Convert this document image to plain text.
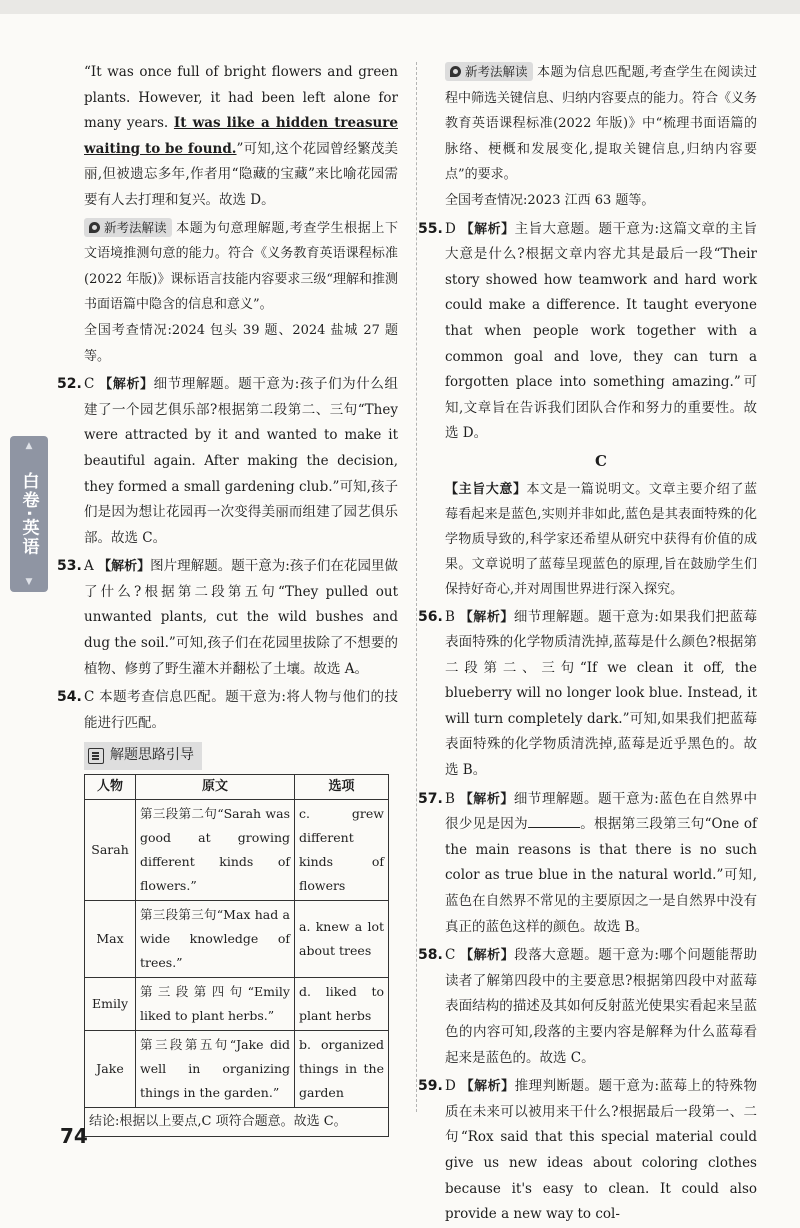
▲
白卷·英语
▼

“It was once full of bright flowers and green plants. However, it had been left alone for many years. It was like a hidden treasure waiting to be found.”可知,这个花园曾经繁茂美丽,但被遗忘多年,作者用“隐藏的宝藏”来比喻花园需要有人去打理和复兴。故选 D。

新考法解读 本题为句意理解题,考查学生根据上下文语境推测句意的能力。符合《义务教育英语课程标准(2022 年版)》课标语言技能内容要求三级“理解和推测书面语篇中隐含的信息和意义”。

全国考查情况:2024 包头 39 题、2024 盐城 27 题等。

52. C 【解析】细节理解题。题干意为:孩子们为什么组建了一个园艺俱乐部?根据第二段第二、三句“They were attracted by it and wanted to make it beautiful again. After making the decision, they formed a small gardening club.”可知,孩子们是因为想让花园再一次变得美丽而组建了园艺俱乐部。故选 C。
53. A 【解析】图片理解题。题干意为:孩子们在花园里做了什么?根据第二段第五句“They pulled out unwanted plants, cut the wild bushes and dug the soil.”可知,孩子们在花园里拔除了不想要的植物、修剪了野生灌木并翻松了土壤。故选 A。
54. C 本题考查信息匹配。题干意为:将人物与他们的技能进行匹配。
解题思路引导
人物	原文	选项
Sarah	第三段第二句“Sarah was good at growing different kinds of flowers.”	c. grew different kinds of flowers
Max	第三段第三句“Max had a wide knowledge of trees.”	a. knew a lot about trees
Emily	第三段第四句“Emily liked to plant herbs.”	d. liked to plant herbs
Jake	第三段第五句“Jake did well in organizing things in the garden.”	b. organized things in the garden
结论:根据以上要点,C 项符合题意。故选 C。		

新考法解读 本题为信息匹配题,考查学生在阅读过程中筛选关键信息、归纳内容要点的能力。符合《义务教育英语课程标准(2022 年版)》中“梳理书面语篇的脉络、梗概和发展变化,提取关键信息,归纳内容要点”的要求。

全国考查情况:2023 江西 63 题等。

55. D 【解析】主旨大意题。题干意为:这篇文章的主旨大意是什么?根据文章内容尤其是最后一段“Their story showed how teamwork and hard work could make a difference. It taught everyone that when people work together with a common goal and love, they can turn a forgotten place into something amazing.”可知,文章旨在告诉我们团队合作和努力的重要性。故选 D。
C

【主旨大意】本文是一篇说明文。文章主要介绍了蓝莓看起来是蓝色,实则并非如此,蓝色是其表面特殊的化学物质导致的,科学家还希望从研究中获得有价值的成果。文章说明了蓝莓呈现蓝色的原理,旨在鼓励学生们保持好奇心,并对周围世界进行深入探究。

56. B 【解析】细节理解题。题干意为:如果我们把蓝莓表面特殊的化学物质清洗掉,蓝莓是什么颜色?根据第二段第二、三句“If we clean it off, the blueberry will no longer look blue. Instead, it will turn completely dark.”可知,如果我们把蓝莓表面特殊的化学物质清洗掉,蓝莓是近乎黑色的。故选 B。
57. B 【解析】细节理解题。题干意为:蓝色在自然界中很少见是因为	。根据第三段第三句“One of the main reasons is that there is no such color as true blue in the natural world.”可知,蓝色在自然界不常见的主要原因之一是自然界中没有真正的蓝色这样的颜色。故选 B。
58. C 【解析】段落大意题。题干意为:哪个问题能帮助读者了解第四段中的主要意思?根据第四段中对蓝莓表面结构的描述及其如何反射蓝光使果实看起来呈蓝色的内容可知,段落的主要内容是解释为什么蓝莓看起来是蓝色的。故选 C。
59. D 【解析】推理判断题。题干意为:蓝莓上的特殊物质在未来可以被用来干什么?根据最后一段第一、二句“Rox said that this special material could give us new ideas about coloring clothes because it's easy to clean. It could also provide a new way to col-
74
